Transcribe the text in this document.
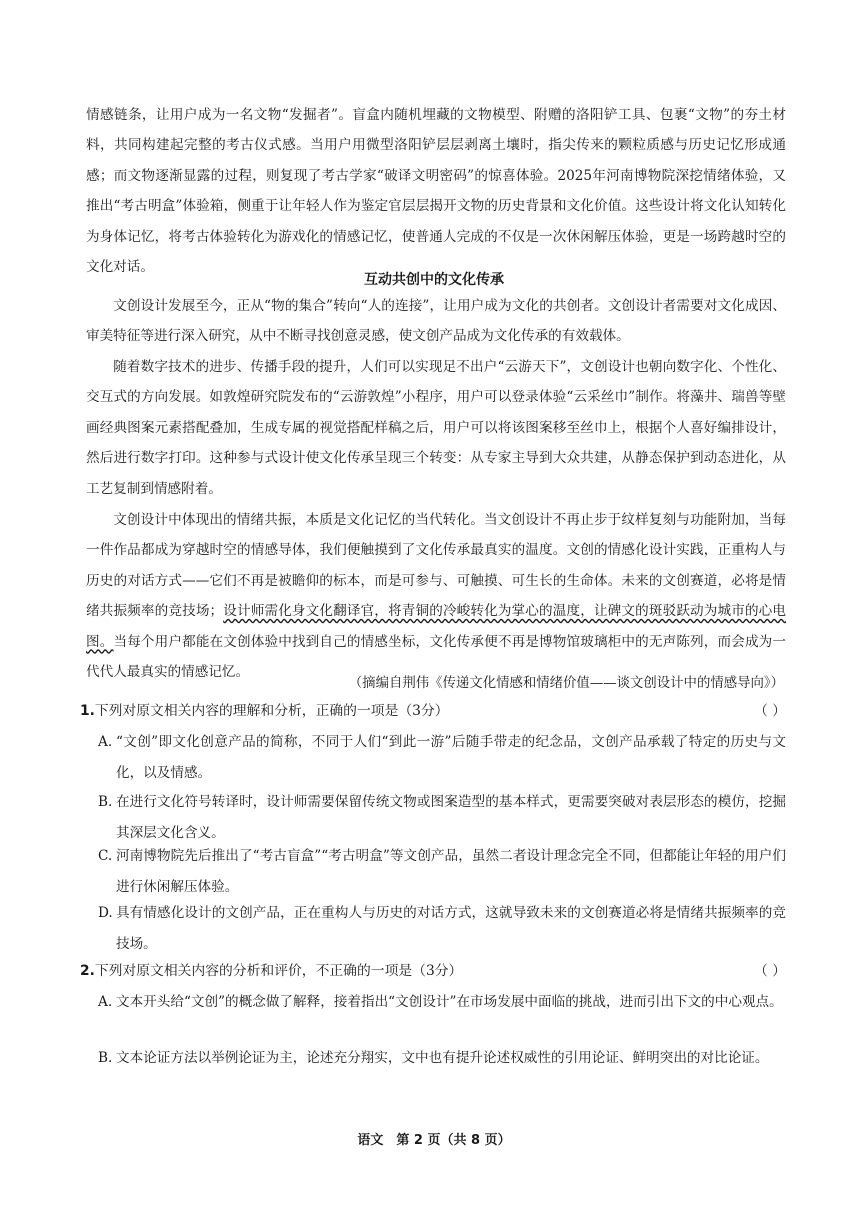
情感链条，让用户成为一名文物“发掘者”。盲盒内随机埋藏的文物模型、附赠的洛阳铲工具、包裹“文物”的夯土材料，共同构建起完整的考古仪式感。当用户用微型洛阳铲层层剥离土壤时，指尖传来的颗粒质感与历史记忆形成通感；而文物逐渐显露的过程，则复现了考古学家“破译文明密码”的惊喜体验。2025年河南博物院深挖情绪体验，又推出“考古明盒”体验箱，侧重于让年轻人作为鉴定官层层揭开文物的历史背景和文化价值。这些设计将文化认知转化为身体记忆，将考古体验转化为游戏化的情感记忆，使普通人完成的不仅是一次休闲解压体验，更是一场跨越时空的文化对话。

互动共创中的文化传承

文创设计发展至今，正从“物的集合”转向“人的连接”，让用户成为文化的共创者。文创设计者需要对文化成因、审美特征等进行深入研究，从中不断寻找创意灵感，使文创产品成为文化传承的有效载体。

随着数字技术的进步、传播手段的提升，人们可以实现足不出户“云游天下”，文创设计也朝向数字化、个性化、交互式的方向发展。如敦煌研究院发布的“云游敦煌”小程序，用户可以登录体验“云采丝巾”制作。将藻井、瑞兽等壁画经典图案元素搭配叠加，生成专属的视觉搭配样稿之后，用户可以将该图案移至丝巾上，根据个人喜好编排设计，然后进行数字打印。这种参与式设计使文化传承呈现三个转变：从专家主导到大众共建，从静态保护到动态进化，从工艺复制到情感附着。

文创设计中体现出的情绪共振，本质是文化记忆的当代转化。当文创设计不再止步于纹样复刻与功能附加，当每一件作品都成为穿越时空的情感导体，我们便触摸到了文化传承最真实的温度。文创的情感化设计实践，正重构人与历史的对话方式——它们不再是被瞻仰的标本，而是可参与、可触摸、可生长的生命体。未来的文创赛道，必将是情绪共振频率的竞技场；设计师需化身文化翻译官，将青铜的冷峻转化为掌心的温度，让碑文的斑驳跃动为城市的心电图。当每个用户都能在文创体验中找到自己的情感坐标，文化传承便不再是博物馆玻璃柜中的无声陈列，而会成为一代代人最真实的情感记忆。

（摘编自荆伟《传递文化情感和情绪价值——谈文创设计中的情感导向》）

1.下列对原文相关内容的理解和分析，正确的一项是（3分）	（ ）
A. “文创”即文化创意产品的简称，不同于人们“到此一游”后随手带走的纪念品，文创产品承载了特定的历史与文化，以及情感。
B. 在进行文化符号转译时，设计师需要保留传统文物或图案造型的基本样式，更需要突破对表层形态的模仿，挖掘其深层文化含义。
C. 河南博物院先后推出了“考古盲盒”“考古明盒”等文创产品，虽然二者设计理念完全不同，但都能让年轻的用户们进行休闲解压体验。
D. 具有情感化设计的文创产品，正在重构人与历史的对话方式，这就导致未来的文创赛道必将是情绪共振频率的竞技场。
2.下列对原文相关内容的分析和评价，不正确的一项是（3分）	（ ）
A. 文本开头给“文创”的概念做了解释，接着指出“文创设计”在市场发展中面临的挑战，进而引出下文的中心观点。
B. 文本论证方法以举例论证为主，论述充分翔实，文中也有提升论述权威性的引用论证、鲜明突出的对比论证。

语文　第 2 页（共 8 页）
